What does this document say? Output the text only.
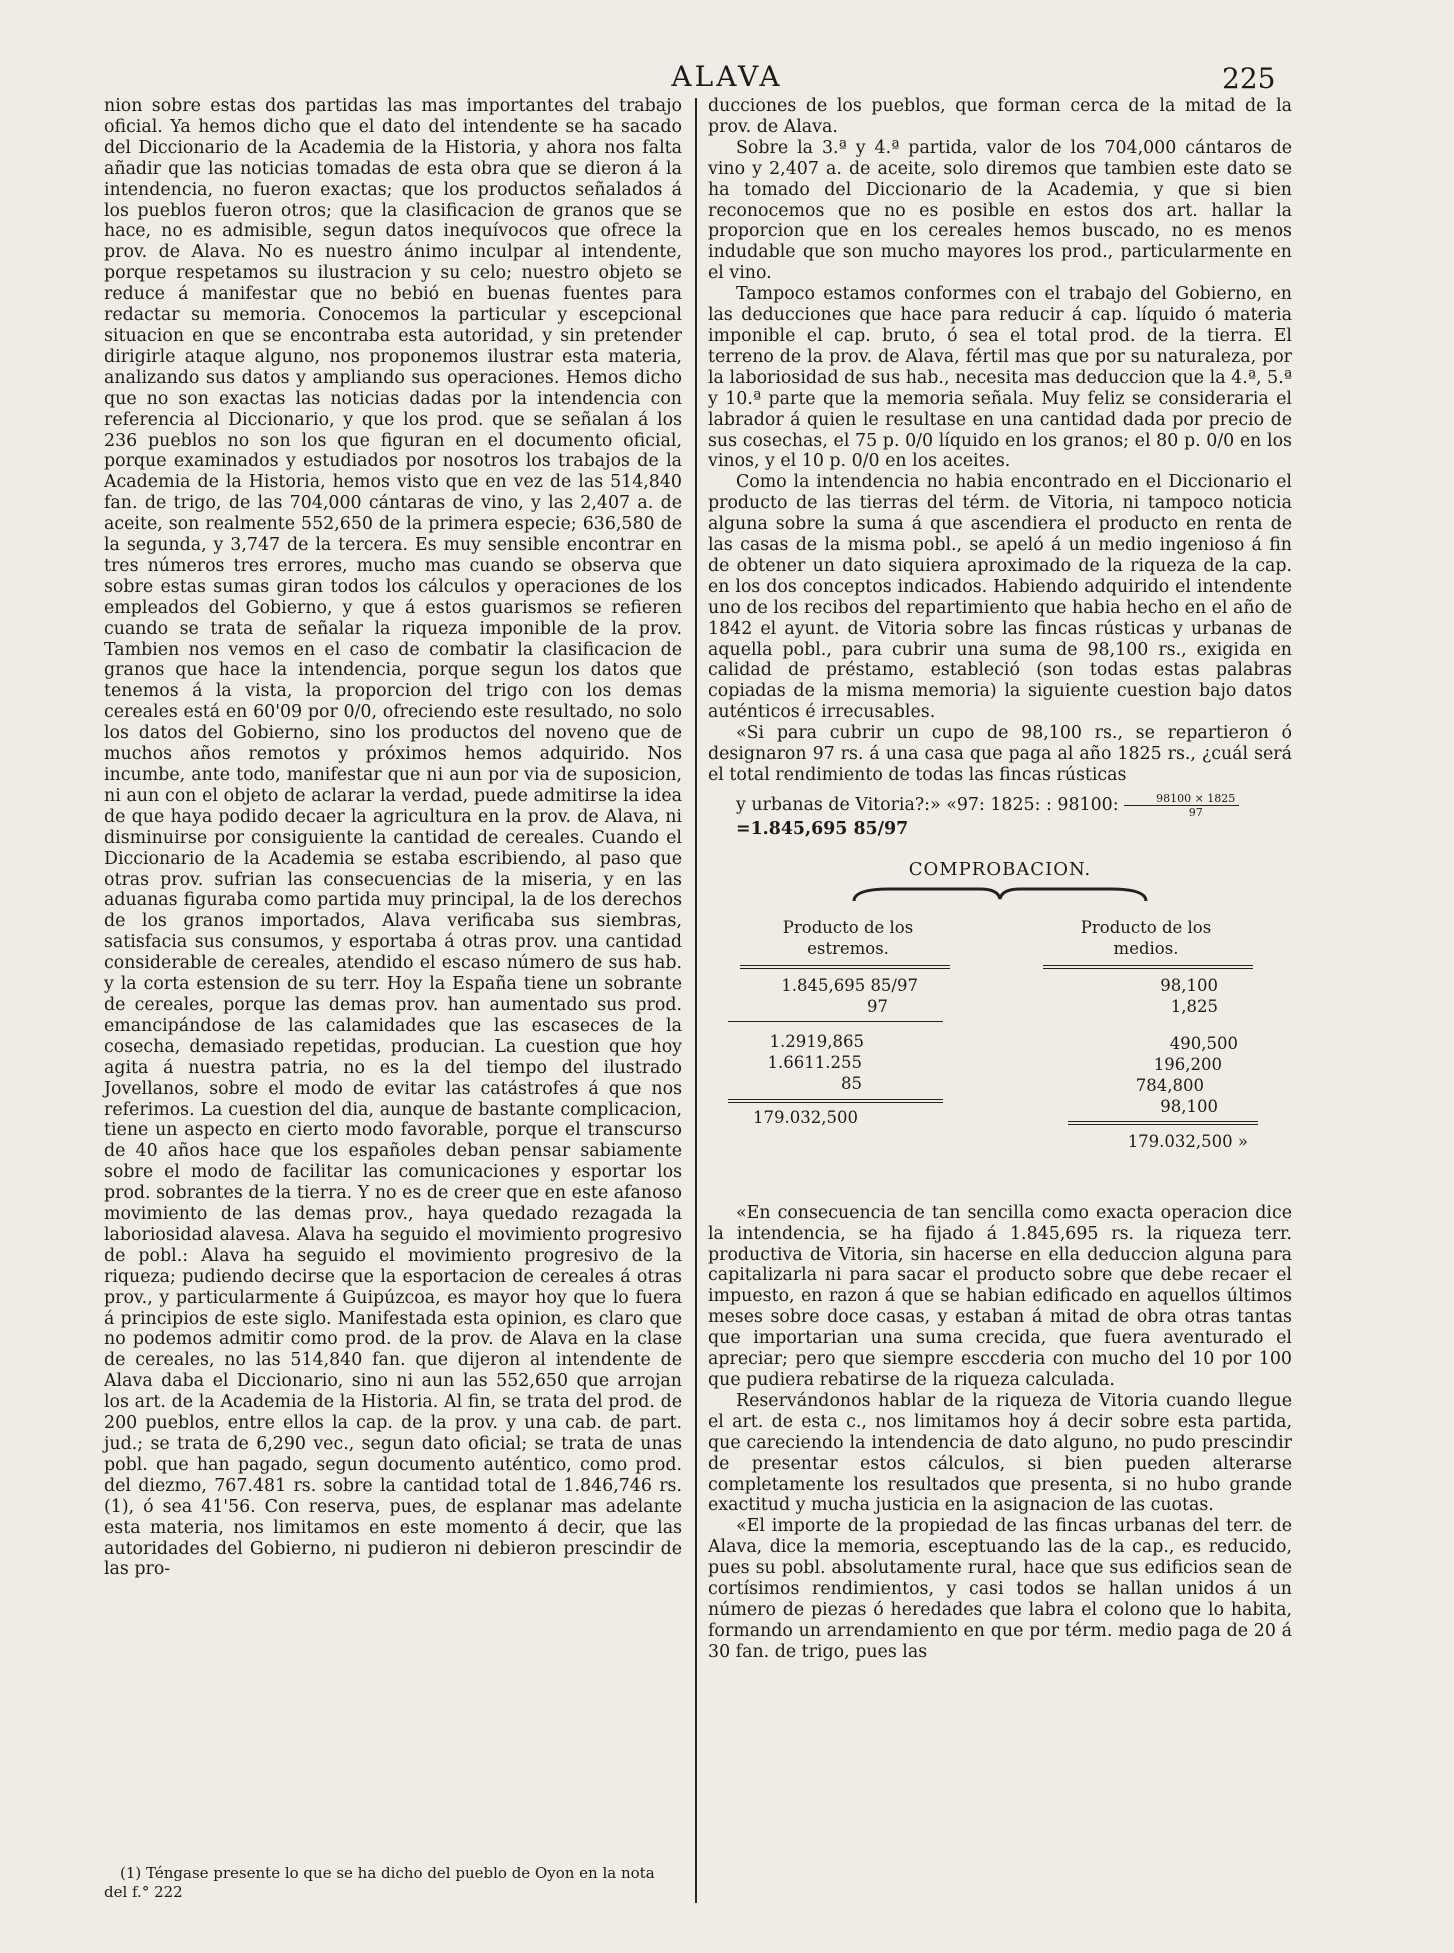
ALAVA	225

nion sobre estas dos partidas las mas importantes del trabajo oficial. Ya hemos dicho que el dato del intendente se ha sacado del Diccionario de la Academia de la Historia, y ahora nos falta añadir que las noticias tomadas de esta obra que se dieron á la intendencia, no fueron exactas; que los productos señalados á los pueblos fueron otros; que la clasificacion de granos que se hace, no es admisible, segun datos inequívocos que ofrece la prov. de Alava. No es nuestro ánimo inculpar al intendente, porque respetamos su ilustracion y su celo; nuestro objeto se reduce á manifestar que no bebió en buenas fuentes para redactar su memoria. Conocemos la particular y escepcional situacion en que se encontraba esta autoridad, y sin pretender dirigirle ataque alguno, nos proponemos ilustrar esta materia, analizando sus datos y ampliando sus operaciones. Hemos dicho que no son exactas las noticias dadas por la intendencia con referencia al Diccionario, y que los prod. que se señalan á los 236 pueblos no son los que figuran en el documento oficial, porque examinados y estudiados por nosotros los trabajos de la Academia de la Historia, hemos visto que en vez de las 514,840 fan. de trigo, de las 704,000 cántaras de vino, y las 2,407 a. de aceite, son realmente 552,650 de la primera especie; 636,580 de la segunda, y 3,747 de la tercera. Es muy sensible encontrar en tres números tres errores, mucho mas cuando se observa que sobre estas sumas giran todos los cálculos y operaciones de los empleados del Gobierno, y que á estos guarismos se refieren cuando se trata de señalar la riqueza imponible de la prov. Tambien nos vemos en el caso de combatir la clasificacion de granos que hace la intendencia, porque segun los datos que tenemos á la vista, la proporcion del trigo con los demas cereales está en 60'09 por 0/0, ofreciendo este resultado, no solo los datos del Gobierno, sino los productos del noveno que de muchos años remotos y próximos hemos adquirido. Nos incumbe, ante todo, manifestar que ni aun por via de suposicion, ni aun con el objeto de aclarar la verdad, puede admitirse la idea de que haya podido decaer la agricultura en la prov. de Alava, ni disminuirse por consiguiente la cantidad de cereales. Cuando el Diccionario de la Academia se estaba escribiendo, al paso que otras prov. sufrian las consecuencias de la miseria, y en las aduanas figuraba como partida muy principal, la de los derechos de los granos importados, Alava verificaba sus siembras, satisfacia sus consumos, y esportaba á otras prov. una cantidad considerable de cereales, atendido el escaso número de sus hab. y la corta estension de su terr. Hoy la España tiene un sobrante de cereales, porque las demas prov. han aumentado sus prod. emancipándose de las calamidades que las escaseces de la cosecha, demasiado repetidas, producian. La cuestion que hoy agita á nuestra patria, no es la del tiempo del ilustrado Jovellanos, sobre el modo de evitar las catástrofes á que nos referimos. La cuestion del dia, aunque de bastante complicacion, tiene un aspecto en cierto modo favorable, porque el transcurso de 40 años hace que los españoles deban pensar sabiamente sobre el modo de facilitar las comunicaciones y esportar los prod. sobrantes de la tierra. Y no es de creer que en este afanoso movimiento de las demas prov., haya quedado rezagada la laboriosidad alavesa. Alava ha seguido el movimiento progresivo de pobl.: Alava ha seguido el movimiento progresivo de la riqueza; pudiendo decirse que la esportacion de cereales á otras prov., y particularmente á Guipúzcoa, es mayor hoy que lo fuera á principios de este siglo. Manifestada esta opinion, es claro que no podemos admitir como prod. de la prov. de Alava en la clase de cereales, no las 514,840 fan. que dijeron al intendente de Alava daba el Diccionario, sino ni aun las 552,650 que arrojan los art. de la Academia de la Historia. Al fin, se trata del prod. de 200 pueblos, entre ellos la cap. de la prov. y una cab. de part. jud.; se trata de 6,290 vec., segun dato oficial; se trata de unas pobl. que han pagado, segun documento auténtico, como prod. del diezmo, 767.481 rs. sobre la cantidad total de 1.846,746 rs. (1), ó sea 41'56. Con reserva, pues, de esplanar mas adelante esta materia, nos limitamos en este momento á decir, que las autoridades del Gobierno, ni pudieron ni debieron prescindir de las pro-

(1) Téngase presente lo que se ha dicho del pueblo de Oyon en la nota del f.° 222

ducciones de los pueblos, que forman cerca de la mitad de la prov. de Alava.

Sobre la 3.ª y 4.ª partida, valor de los 704,000 cántaros de vino y 2,407 a. de aceite, solo diremos que tambien este dato se ha tomado del Diccionario de la Academia, y que si bien reconocemos que no es posible en estos dos art. hallar la proporcion que en los cereales hemos buscado, no es menos indudable que son mucho mayores los prod., particularmente en el vino.

Tampoco estamos conformes con el trabajo del Gobierno, en las deducciones que hace para reducir á cap. líquido ó materia imponible el cap. bruto, ó sea el total prod. de la tierra. El terreno de la prov. de Alava, fértil mas que por su naturaleza, por la laboriosidad de sus hab., necesita mas deduccion que la 4.ª, 5.ª y 10.ª parte que la memoria señala. Muy feliz se consideraria el labrador á quien le resultase en una cantidad dada por precio de sus cosechas, el 75 p. 0/0 líquido en los granos; el 80 p. 0/0 en los vinos, y el 10 p. 0/0 en los aceites.

Como la intendencia no habia encontrado en el Diccionario el producto de las tierras del térm. de Vitoria, ni tampoco noticia alguna sobre la suma á que ascendiera el producto en renta de las casas de la misma pobl., se apeló á un medio ingenioso á fin de obtener un dato siquiera aproximado de la riqueza de la cap. en los dos conceptos indicados. Habiendo adquirido el intendente uno de los recibos del repartimiento que habia hecho en el año de 1842 el ayunt. de Vitoria sobre las fincas rústicas y urbanas de aquella pobl., para cubrir una suma de 98,100 rs., exigida en calidad de préstamo, estableció (son todas estas palabras copiadas de la misma memoria) la siguiente cuestion bajo datos auténticos é irrecusables.

«Si para cubrir un cupo de 98,100 rs., se repartieron ó designaron 97 rs. á una casa que paga al año 1825 rs., ¿cuál será el total rendimiento de todas las fincas rústicas

y urbanas de Vitoria?:» «97: 1825: : 98100: $\frac{98100 \times 1825}{97}$

=1.845,695 85/97

COMPROBACION.
Producto de los estremos.
Producto de los medios.
1.845,695 85/97
97
1.2919,865
1.6611.255
85
179.032,500
98,100
1,825
490,500
196,200
784,800
98,100
179.032,500 »

«En consecuencia de tan sencilla como exacta operacion dice la intendencia, se ha fijado á 1.845,695 rs. la riqueza terr. productiva de Vitoria, sin hacerse en ella deduccion alguna para capitalizarla ni para sacar el producto sobre que debe recaer el impuesto, en razon á que se habian edificado en aquellos últimos meses sobre doce casas, y estaban á mitad de obra otras tantas que importarian una suma crecida, que fuera aventurado el apreciar; pero que siempre esccderia con mucho del 10 por 100 que pudiera rebatirse de la riqueza calculada.

Reservándonos hablar de la riqueza de Vitoria cuando llegue el art. de esta c., nos limitamos hoy á decir sobre esta partida, que careciendo la intendencia de dato alguno, no pudo prescindir de presentar estos cálculos, si bien pueden alterarse completamente los resultados que presenta, si no hubo grande exactitud y mucha justicia en la asignacion de las cuotas.

«El importe de la propiedad de las fincas urbanas del terr. de Alava, dice la memoria, esceptuando las de la cap., es reducido, pues su pobl. absolutamente rural, hace que sus edificios sean de cortísimos rendimientos, y casi todos se hallan unidos á un número de piezas ó heredades que labra el colono que lo habita, formando un arrendamiento en que por térm. medio paga de 20 á 30 fan. de trigo, pues las
